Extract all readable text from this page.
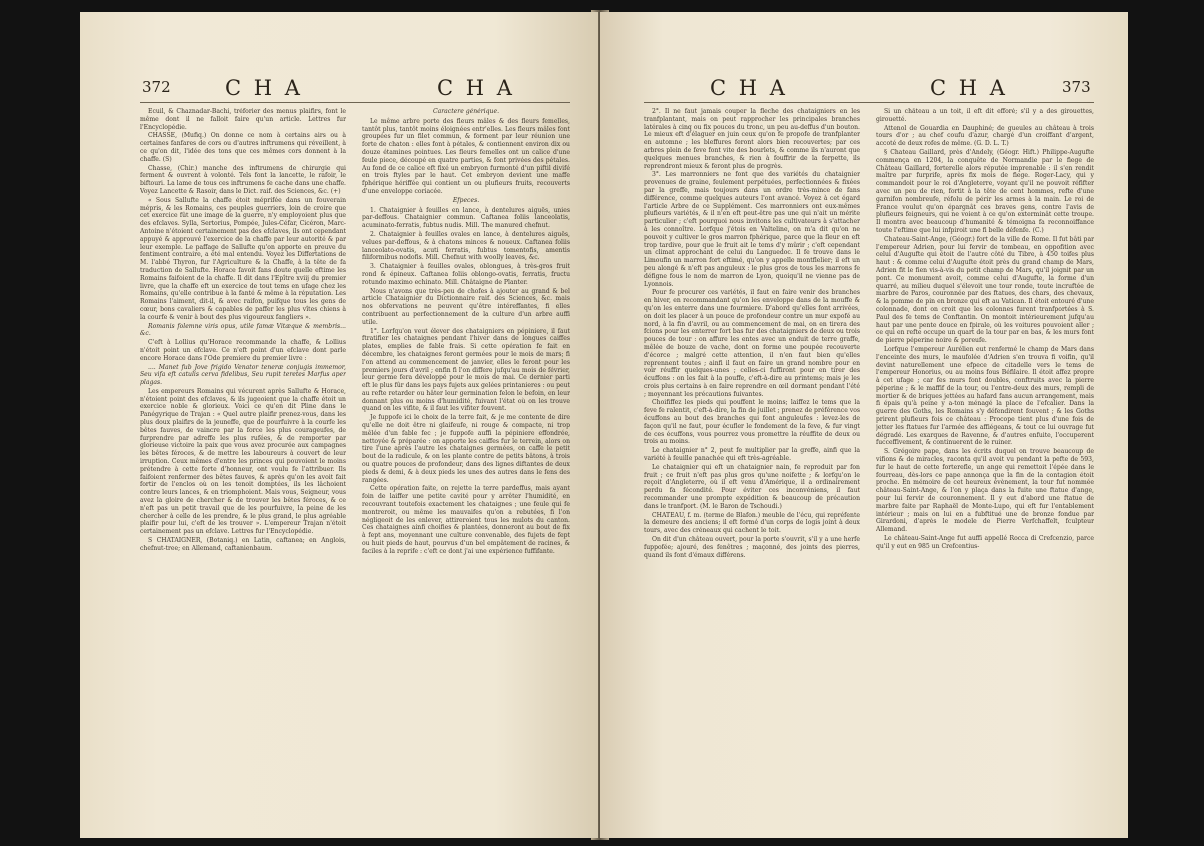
372	C H A	C H A

Ecuil, & Chaznadar-Bachi, tréforier des menus plaifirs, font le même dont il ne falloit faire qu'un article. Lettres fur l'Encyclopédie.

CHASSE, (Mufiq.) On donne ce nom à certains airs ou à certaines fanfares de cors ou d'autres inftrumens qui réveillent, à ce qu'on dit, l'idée des tons que ces mêmes cors donnent à la chaffe. (S)

Chasse, (Chir.) manche des inftrumens de chirurgie qui ferment & ouvrent à volonté. Tels font la lancette, le rafoir, le biftouri. La lame de tous ces inftrumens fe cache dans une chaffe. Voyez Lancette & Rasoir, dans le Dict. raif. des Sciences, &c. (+)

« Sous Sallufte la chaffe étoit méprifée dans un fouverain mépris, & les Romains, ces peuples guerriers, loin de croire que cet exercice fût une image de la guerre, n'y employoient plus que des efclaves. Sylla, Sertorius, Pompée, Jules-Céfar, Cicéron, Marc-Antoine n'étoient certainement pas des efclaves, ils ont cependant appuyé & approuvé l'exercice de la chaffe par leur autorité & par leur exemple. Le paffage de Sallufte qu'on apporte en preuve du fentiment contraire, a été mal entendu. Voyez les Differtations de M. l'abbé Thyron, fur l'Agriculture & la Chaffe, à la tête de fa traduction de Sallufte. Horace favoit fans doute quelle eftime les Romains faifoient de la chaffe. Il dit dans l'Epître xviij du premier livre, que la chaffe eft un exercice de tout tems en ufage chez les Romains, qu'elle contribue à la fanté & même à la réputation. Les Romains l'aiment, dit-il, & avec raifon, puifque tous les gens de cœur, bons cavaliers & capables de paffer les plus vîtes chiens à la courfe & venir à bout des plus vigoureux fangliers ».

Romanis folemne viris opus, utile famæ Vitæque & membris... &c.

C'eft à Lollius qu'Horace recommande la chaffe, & Lollius n'étoit point un efclave. Ce n'eft point d'un efclave dont parle encore Horace dans l'Ode premiere du premier livre :

.... Manet fub Jove frigido Venator teneræ conjugis immemor, Seu vifa eft catulis cerva fidelibus, Seu rupit teretes Marfus aper plagas.

Les empereurs Romains qui vécurent après Sallufte & Horace, n'étoient point des efclaves, & ils jugeoient que la chaffe étoit un exercice noble & glorieux. Voici ce qu'en dit Pline dans le Panégyrique de Trajan : « Quel autre plaifir prenez-vous, dans les plus doux plaifirs de la jeuneffe, que de pourfuivre à la courfe les bêtes fauves, de vaincre par la force les plus courageufes, de furprendre par adreffe les plus rufées, & de remporter par glorieuse victoire la paix que vous avez procurée aux campagnes les bêtes féroces, & de mettre les laboureurs à couvert de leur irruption. Ceux mêmes d'entre les princes qui pouvoient le moins prétendre à cette forte d'honneur, ont voulu fe l'attribuer. Ils faifoient renfermer des bêtes fauves, & après qu'on les avoit fait fortir de l'enclos où on les tenoit domptées, ils les lâchoient contre leurs lances, & en triomphoient. Mais vous, Seigneur, vous avez la gloire de chercher & de trouver les bêtes féroces, & ce n'eft pas un petit travail que de les pourfuivre, la peine de les chercher à celle de les prendre, & le plus grand, le plus agréable plaifir pour lui, c'eft de les trouver ». L'empereur Trajan n'étoit certainement pas un efclave. Lettres fur l'Encyclopédie.

S CHATAIGNER, (Botaniq.) en Latin, caftanea; en Anglois, chefnut-tree; en Allemand, caftanienbaum.

Caractere générique.

Le même arbre porte des fleurs mâles & des fleurs femelles, tantôt plus, tantôt moins éloignées entr'elles. Les fleurs mâles font groupées fur un filet commun, & forment par leur réunion une forte de chaton : elles font à pétales, & contiennent environ dix ou douze étamines pointues. Les fleurs femelles ont un calice d'une feule piece, découpé en quatre parties, & font privées des pétales. Au fond de ce calice eft fixé un embryon furmonté d'un piftil divifé en trois ftyles par le haut. Cet embryon devient une maffe fphérique hériffée qui contient un ou plufieurs fruits, recouverts d'une enveloppe coriacée.

Efpeces.

1. Chataignier à feuilles en lance, à dentelures aiguës, unies par-deffous. Chataignier commun. Caftanea foliis lanceolatis, acuminato-ferratis, fubtus nudis. Mill. The manured chefnut.

2. Chataignier à feuilles ovales en lance, à dentelures aiguës, velues par-deffous, & à chatons minces & noueux. Caftanea foliis lanceolato-ovatis, acuti ferratis, fubtus tomentofis, amentis filiformibus nodofis. Mill. Chefnut with woolly leaves, &c.

3. Chataignier à feuilles ovales, oblongues, à très-gros fruit rond & épineux. Caftanea foliis oblongo-ovatis, ferratis, fructu rotundo maximo echinato. Mill. Châtaigne de Planter.

Nous n'avons que très-peu de chofes à ajouter au grand & bel article Chataignier du Dictionnaire raif. des Sciences, &c. mais nos obfervations ne peuvent qu'être intéreffantes, fi elles contribuent au perfectionnement de la culture d'un arbre auffi utile.

1°. Lorfqu'on veut élever des chataigniers en pépiniere, il faut ftratifier les chataignes pendant l'hiver dans de longues caiffes plates, emplies de fable frais. Si cette opération fe fait en décembre, les chataignes feront germées pour le mois de mars; fi l'on attend au commencement de janvier, elles le feront pour les premiers jours d'avril ; enfin fi l'on differe jufqu'au mois de février, leur germe fera développé pour le mois de mai. Ce dernier parti eft le plus fûr dans les pays fujets aux gelées printanieres : ou peut au refte retarder ou hâter leur germination felon le befoin, en leur donnant plus ou moins d'humidité, fuivant l'état où on les trouve quand on les vifite, & il faut les vifiter fouvent.

Je fuppofe ici le choix de la terre fait, & je me contente de dire qu'elle ne doit être ni glaifeufe, ni rouge & compacte, ni trop mêlée d'un fable fec ; je fuppofe auffi la pépiniere effondrée, nettoyée & préparée : on apporte les caiffes fur le terrein, alors on tire l'une après l'autre les chataignes germées, on caffe le petit bout de la radicule, & on les plante contre de petits bâtons, à trois ou quatre pouces de profondeur, dans des lignes diftantes de deux pieds & demi, & à deux pieds les unes des autres dans le fens des rangées.

Cette opération faite, on rejette la terre pardeffus, mais ayant foin de laiffer une petite cavité pour y arrêter l'humidité, en recouvrant toutefois exactement les chataignes ; une feule qui fe montreroit, ou même les mauvaifes qu'on a rebutées, fi l'on négligeoit de les enlever, attireroient tous les mulots du canton. Ces chataignes ainfi choifies & plantées, donneront au bout de fix à fept ans, moyennant une culture convenable, des fujets de fept ou huit pieds de haut, pourvus d'un bel empâtement de racines, & faciles à la reprife : c'eft ce dont j'ai une expérience fuffifante.

C H A	C H A	373

2°. Il ne faut jamais couper la fleche des chataigniers en les tranfplantant, mais on peut rapprocher les principales branches latérales à cinq ou fix pouces du tronc, un peu au-deffus d'un bouton. Le mieux eft d'élaguer en juin ceux qu'on fe propofe de tranfplanter en automne ; les bleffures feront alors bien recouvertes; par ces arbres plein de feve font vite des bourlets, & comme ils n'auront que quelques menues branches, & rien à fouffrir de la ferpette, ils reprendront mieux & feront plus de progrès.

3°. Les marronniers ne font que des variétés du chataignier provenues de graine, feulement perpétuées, perfectionnées & fixées par la greffe, mais toujours dans un ordre très-mince de fans différence, comme quelques auteurs l'ont avancé. Voyez à cet égard l'article Arbre de ce Supplément. Ces marronniers ont eux-mêmes plufieurs variétés, & il n'en eft peut-être pas une qui n'ait un mérite particulier ; c'eft pourquoi nous invitons les cultivateurs à s'attacher à les connoître. Lorfque j'étois en Valteline, on m'a dit qu'on ne pouvoit y cultiver le gros marron fphérique, parce que la fleur en eft trop tardive, pour que le fruit ait le tems d'y mûrir ; c'eft cependant un climat approchant de celui du Languedoc. Il fe trouve dans le Limoufin un marron fort eftimé, qu'on y appelle montflelier; il eft un peu alongé & n'eft pas anguleux : le plus gros de tous les marrons fe défigne fous le nom de marron de Lyon, quoiqu'il ne vienne pas de Lyonnois.

Pour fe procurer ces variétés, il faut en faire venir des branches en hiver, en recommandant qu'on les enveloppe dans de la mouffe & qu'on les enterre dans une fourmiere. D'abord qu'elles font arrivées, on doit les placer à un pouce de profondeur contre un mur expofé au nord, à la fin d'avril, ou au commencement de mai, on en tirera des fcions pour les enterrer fort bas fur des chataigniers de deux ou trois pouces de tour : on affure les entes avec un enduit de terre graffe, mêlée de bouze de vache, dont on forme une poupée recouverte d'écorce ; malgré cette attention, il n'en faut bien qu'elles reprennent toutes ; ainfi il faut en faire un grand nombre pour en voir réuffir quelques-unes ; celles-ci fuffiront pour en tirer des écuffons : on les fait à la pouffe, c'eft-à-dire au printems; mais je les crois plus certains à en faire reprendre en œil dormant pendant l'été ; moyennant les précautions fuivantes.

Choififfez les pieds qui pouffent le moins; laiffez le tems que la feve fe ralentit, c'eft-à-dire, la fin de juillet ; prenez de préférence vos écuffons au bout des branches qui font anguleufes : levez-les de façon qu'il ne faut, pour écufler le fondement de la feve, & fur vingt de ces écuffons, vous pourrez vous promettre la réuffite de deux ou trois au moins.

Le chataignier n° 2, peut fe multiplier par la greffe, ainfi que la variété à feuille panachée qui eft très-agréable.

Le chataignier qui eft un chataignier nain, fe reproduit par fon fruit ; ce fruit n'eft pas plus gros qu'une noifette ; & lorfqu'on le reçoit d'Angleterre, où il eft venu d'Amérique, il a ordinairement perdu fa fécondité. Pour éviter ces inconvéniens, il faut recommander une prompte expédition & beaucoup de précaution dans le tranfport. (M. le Baron de Tschoudi.)

CHATEAU, f. m. (terme de Blafon.) meuble de l'écu, qui repréfente la demeure des anciens; il eft formé d'un corps de logis joint à deux tours, avec des créneaux qui cachent le toit.

On dit d'un château ouvert, pour la porte s'ouvrit, s'il y a une herfe fuppofée; ajouré, des fenêtres ; maçonné, des joints des pierres, quand ils font d'émaux différens.

Si un château a un toit, il eft dit efforé; s'il y a des girouettes, girouetté.

Attenol de Gouardia en Dauphiné; de gueules au château à trois tours d'or ; au chef coufu d'azur, chargé d'un croiffant d'argent, accoté de deux rofes de même. (G. D. L. T.)

§ Chateau Gaillard, près d'Andely, (Géogr. Hift.) Philippe-Augufte commença en 1204, la conquête de Normandie par le fiege de Château Gaillard, forterelle alors réputée imprenable : il s'en rendit maître par furprife, après fix mois de fiege. Roger-Lacy, qui y commandoit pour le roi d'Angleterre, voyant qu'il ne pouvoit réfifter avec un peu de rien, fortit à la tête de cent hommes, refte d'une garnifon nombreufe, réfolu de périr les armes à la main. Le roi de France voulut qu'on épargnât ces braves gens, contre l'avis de plufieurs feigneurs, qui ne voient à ce qu'on exterminât cette troupe. Il montra avec beaucoup d'humanité & témoigna fa reconnoiffance toute l'eftime que lui infpiroit une fi belle défenfe. (C.)

Chateau-Saint-Ange, (Géogr.) fort de la ville de Rome. Il fut bâti par l'empereur Adrien, pour lui fervir de tombeau, en oppofition avec celui d'Augufte qui étoit de l'autre côté du Tibre, à 450 toifes plus haut : & comme celui d'Augufte étoit près du grand champ de Mars, Adrien fit le fien vis-à-vis du petit champ de Mars, qu'il joignit par un pont. Ce monument avoit, comme celui d'Augufte, la forme d'un quarré, au milieu duquel s'élevoit une tour ronde, toute incruftée de marbre de Paros, couronnée par des ftatues, des chars, des chevaux, & la pomme de pin en bronze qui eft au Vatican. Il étoit entouré d'une colonnade, dont on croit que les colonnes furent tranfportées à S. Paul des fe tems de Conftantin. On montoit intérieurement jufqu'au haut par une pente douce en fpirale, où les voitures pouvoient aller ; ce qui en refte occupe un quart de la tour par en bas, & les murs font de pierre péperine noire & poreufe.

Lorfque l'empereur Aurélien eut renfermé le champ de Mars dans l'enceinte des murs, le maufolée d'Adrien s'en trouva fi voifin, qu'il devint naturellement une efpece de citadelle vers le tems de l'empereur Honorius, ou au moins fous Béfilaire. Il étoit affez propre à cet ufage ; car fes murs font doubles, conftruits avec la pierre péperine ; & le maffif de la tour, ou l'entre-deux des murs, rempli de mortier & de briques jettées au hafard fans aucun arrangement, mais fi épais qu'à peine y a-ton ménagé la place de l'efcalier. Dans la guerre des Goths, les Romains s'y défendirent fouvent ; & les Goths prirent plufieurs fois ce château : Procope tient plus d'une fois de jetter les ftatues fur l'armée des affiégeans, & tout ce lui ouvrage fut dégradé. Les exarques de Ravenne, & d'autres enfuite, l'occuperent fucceffivement, & continuerent de le ruiner.

S. Grégoire pape, dans les écrits duquel on trouve beaucoup de vifions & de miracles, raconta qu'il avoit vu pendant la pefte de 593, fur le haut de cette forterefle, un ange qui remettoit l'épée dans le fourreau, dès-lors ce pape annonça que la fin de la contagion étoit proche. En mémoire de cet heureux évènement, la tour fut nommée château-Saint-Ange, & l'on y plaça dans la fuite une ftatue d'ange, pour lui fervir de couronnement. Il y eut d'abord une ftatue de marbre faite par Raphaël de Monte-Lupo, qui eft fur l'entablement intérieur ; mais on lui en a fubftitué une de bronze fondue par Girardoni, d'après le modele de Pierre Verfchaffelt, fculpteur Allemand.

Le château-Saint-Ange fut auffi appellé Rocca di Crefcenzio, parce qu'il y eut en 985 un Crefcentius-
